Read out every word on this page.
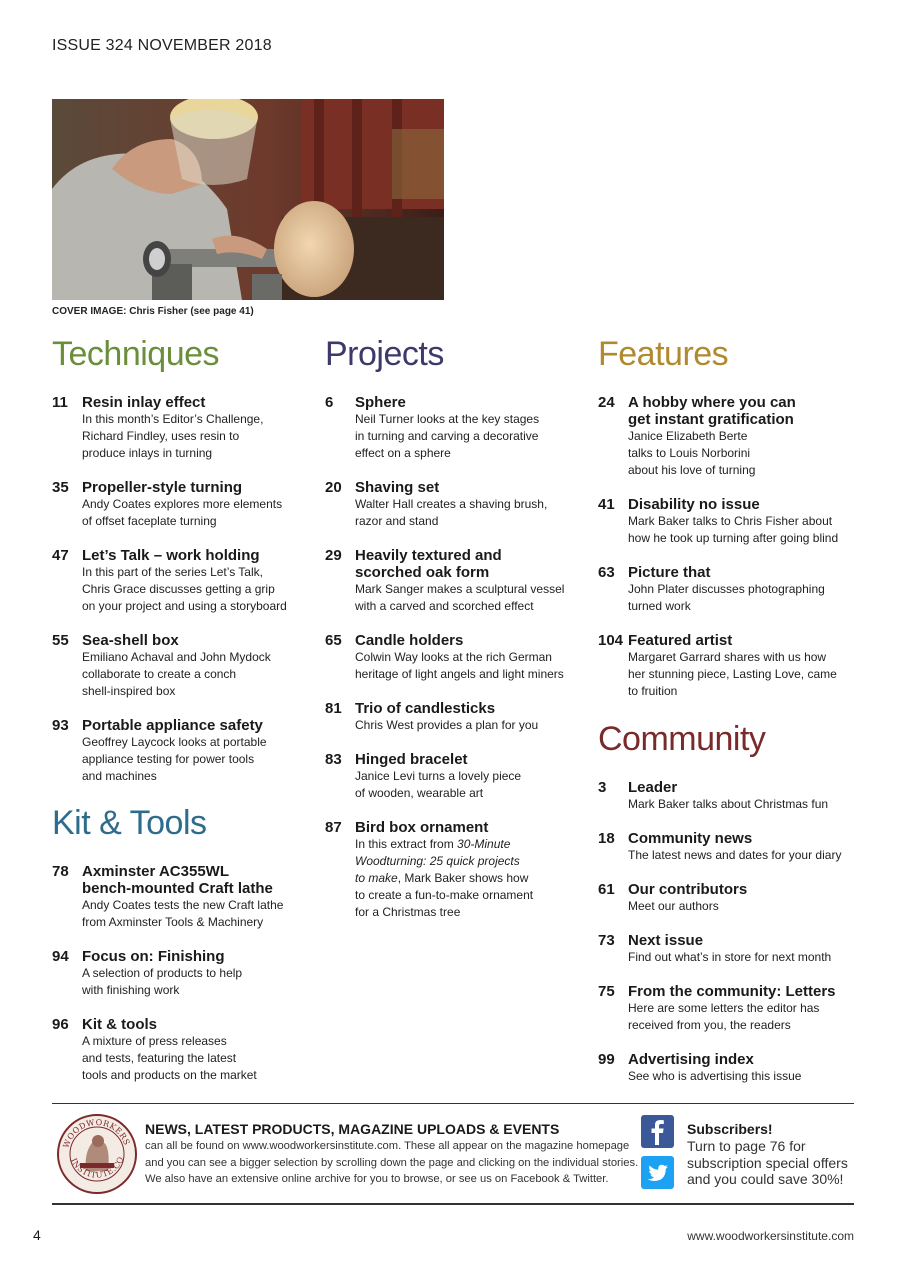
ISSUE 324 NOVEMBER 2018
COVER IMAGE: Chris Fisher (see page 41)
Techniques
11 Resin inlay effect
In this month’s Editor’s Challenge,
Richard Findley, uses resin to
produce inlays in turning
35 Propeller-style turning
Andy Coates explores more elements
of offset faceplate turning
47 Let’s Talk – work holding
In this part of the series Let’s Talk,
Chris Grace discusses getting a grip
on your project and using a storyboard
55 Sea-shell box
Emiliano Achaval and John Mydock
collaborate to create a conch
shell-inspired box
93 Portable appliance safety
Geoffrey Laycock looks at portable
appliance testing for power tools
and machines
Kit & Tools
78 Axminster AC355WL
bench-mounted Craft lathe
Andy Coates tests the new Craft lathe
from Axminster Tools & Machinery
94 Focus on: Finishing
A selection of products to help
with finishing work
96 Kit & tools
A mixture of press releases
and tests, featuring the latest
tools and products on the market
Projects
6	Sphere
Neil Turner looks at the key stages
in turning and carving a decorative
effect on a sphere
20 Shaving set
Walter Hall creates a shaving brush,
razor and stand
29 Heavily textured and
scorched oak form
Mark Sanger makes a sculptural vessel
with a carved and scorched effect
65 Candle holders
Colwin Way looks at the rich German
heritage of light angels and light miners
81 Trio of candlesticks
Chris West provides a plan for you
83 Hinged bracelet
Janice Levi turns a lovely piece
of wooden, wearable art
87 Bird box ornament
In this extract from 30-Minute
Woodturning: 25 quick projects
to make, Mark Baker shows how
to create a fun-to-make ornament
for a Christmas tree
Features
24 A hobby where you can
get instant gratification
Janice Elizabeth Berte
talks to Louis Norborini
about his love of turning
41 Disability no issue
Mark Baker talks to Chris Fisher about
how he took up turning after going blind
63 Picture that
John Plater discusses photographing
turned work
104 Featured artist
Margaret Garrard shares with us how
her stunning piece, Lasting Love, came
to fruition
Community
3	Leader
Mark Baker talks about Christmas fun
18 Community news
The latest news and dates for your diary
61 Our contributors
Meet our authors
73 Next issue
Find out what’s in store for next month
75 From the community: Letters
Here are some letters the editor has
received from you, the readers
99 Advertising index
See who is advertising this issue
WOODWORKERS
INSTITUTE.CO
NEWS, LATEST PRODUCTS, MAGAZINE UPLOADS & EVENTS
can all be found on www.woodworkersinstitute.com. These all appear on the magazine homepage and you can see a bigger selection by scrolling down the page and clicking on the individual stories. We also have an extensive online archive for you to browse, or see us on Facebook & Twitter.
Subscribers!
Turn to page 76 for
subscription special offers
and you could save 30%!
4	www.woodworkersinstitute.com
